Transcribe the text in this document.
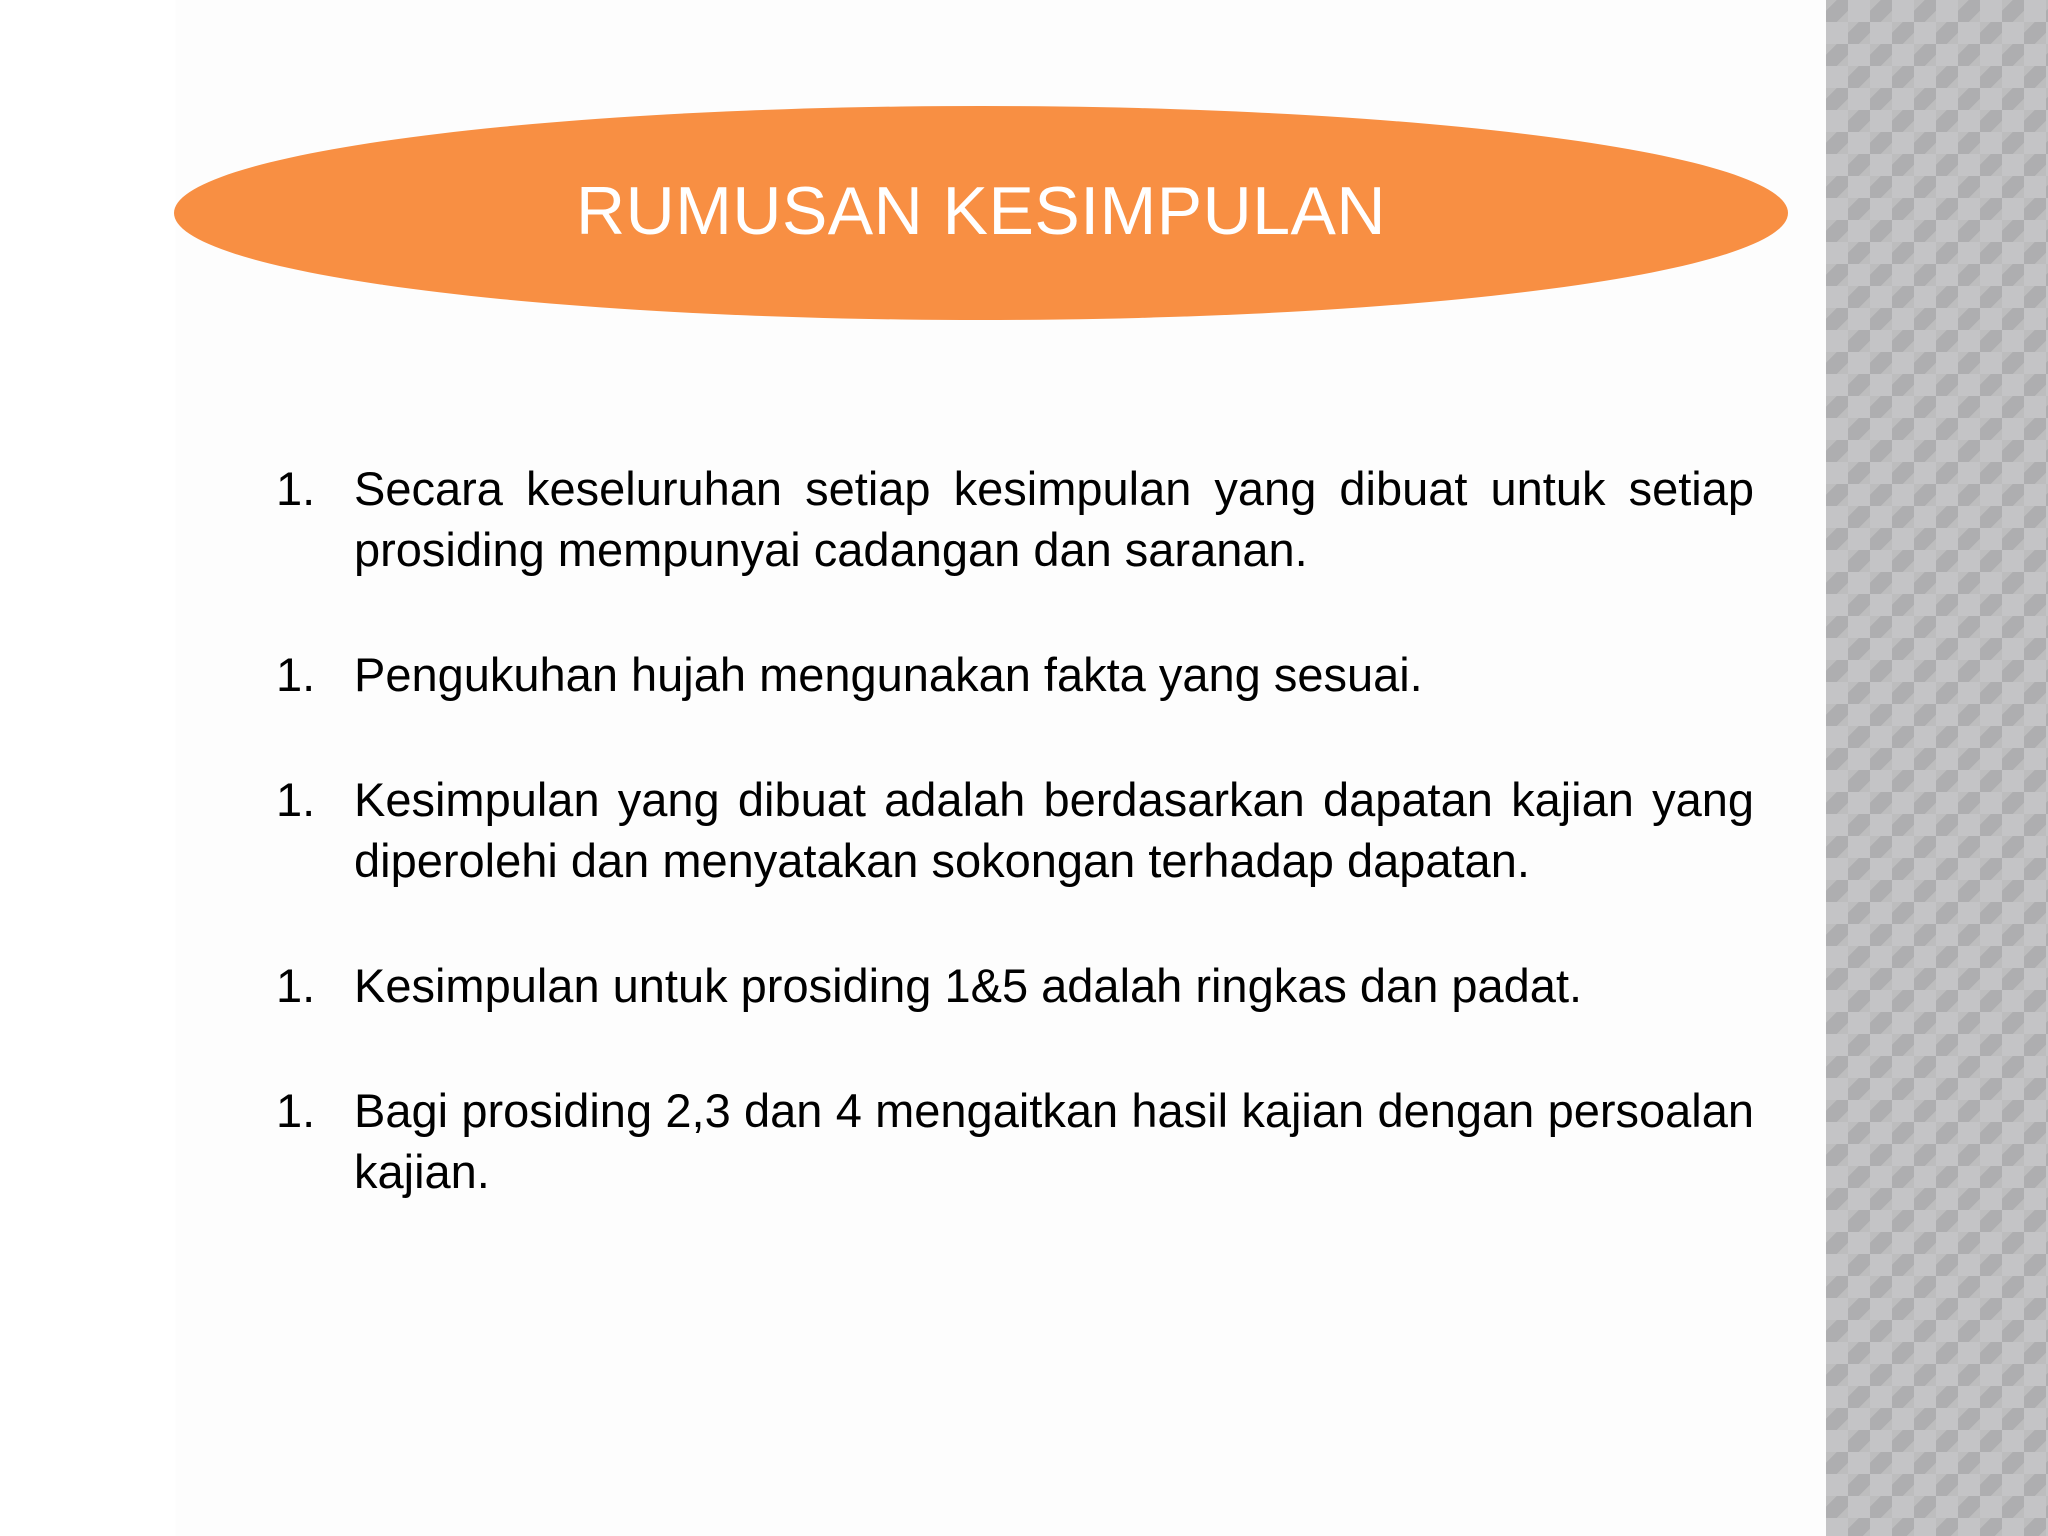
RUMUSAN KESIMPULAN
1. Secara keseluruhan setiap kesimpulan yang dibuat untuk setiap prosiding mempunyai cadangan dan saranan.
1. Pengukuhan hujah mengunakan fakta yang sesuai.
1. Kesimpulan yang dibuat adalah berdasarkan dapatan kajian yang diperolehi dan menyatakan sokongan terhadap dapatan.
1. Kesimpulan untuk prosiding 1&5 adalah ringkas dan padat.
1. Bagi prosiding 2,3 dan 4 mengaitkan hasil kajian dengan persoalan kajian.
